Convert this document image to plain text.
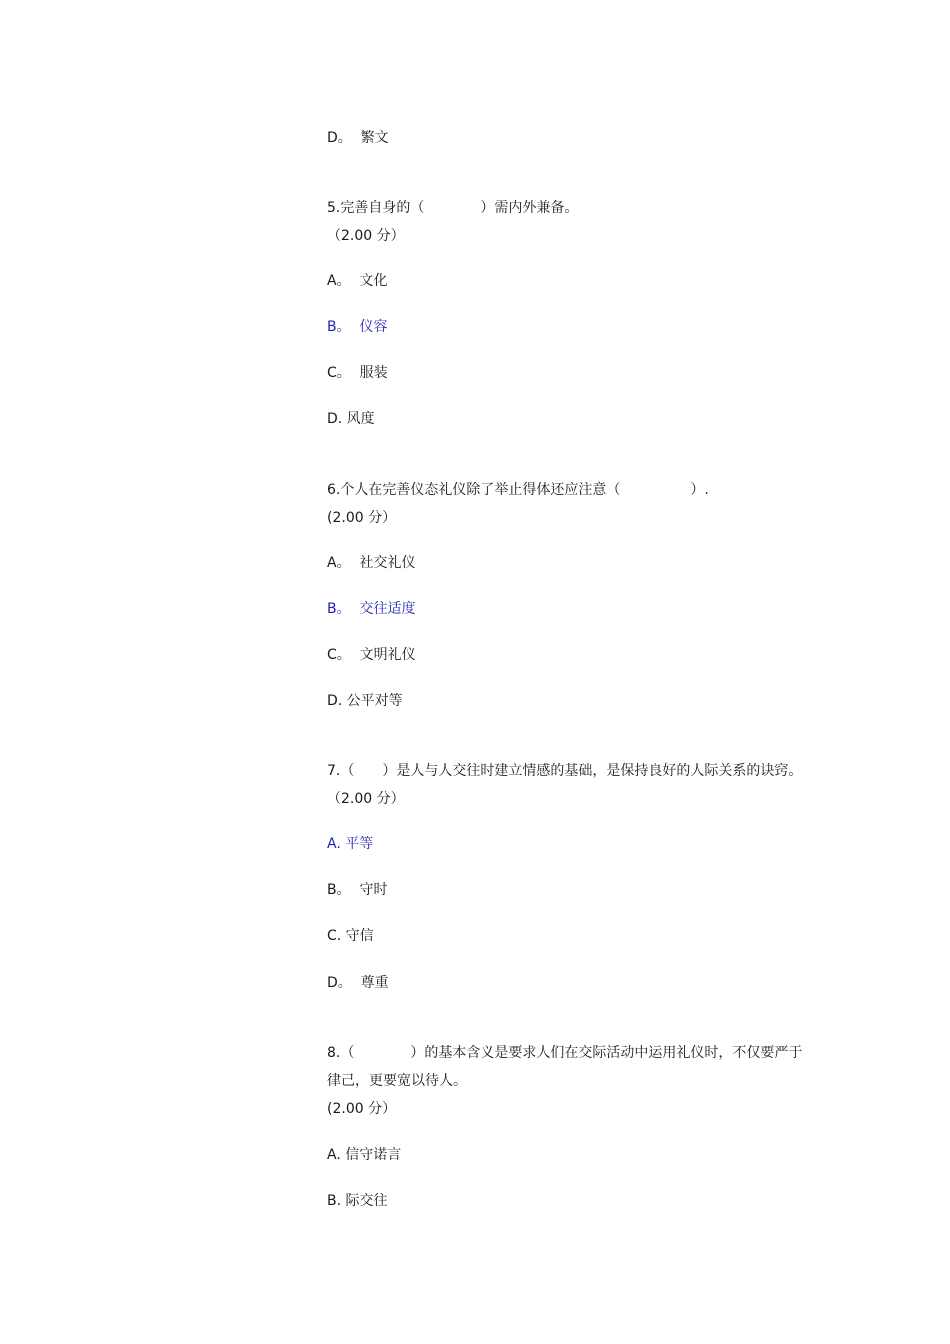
D。  繁文
5.完善自身的（　　　　）需内外兼备。
（2.00 分）
A。  文化
B。  仪容
C。  服装
D. 风度
6.个人在完善仪态礼仪除了举止得体还应注意（　　　　　）.
(2.00 分）
A。  社交礼仪
B。  交往适度
C。  文明礼仪
D. 公平对等
7.（　　）是人与人交往时建立情感的基础，是保持良好的人际关系的诀窍。
（2.00 分）
A. 平等
B。  守时
C. 守信
D。  尊重
8.（　　　　）的基本含义是要求人们在交际活动中运用礼仪时，不仅要严于
律己，更要宽以待人。
(2.00 分）
A. 信守诺言
B. 际交往
